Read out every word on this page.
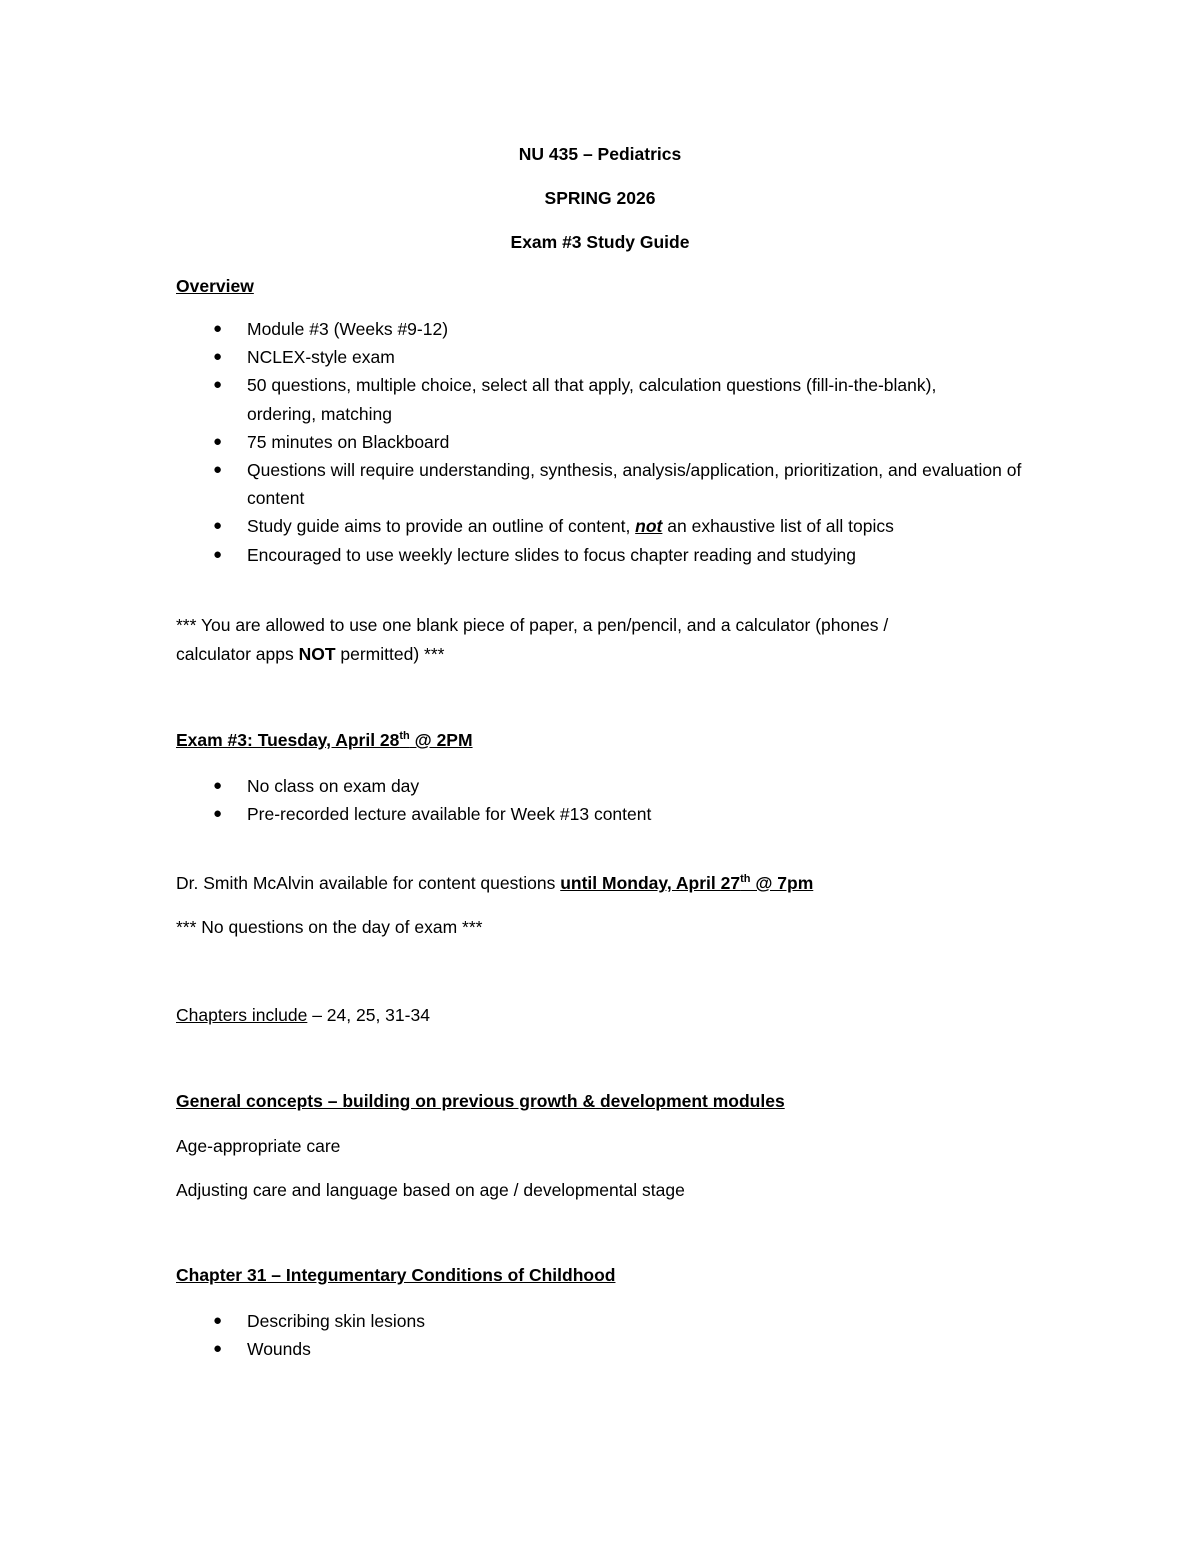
NU 435 – Pediatrics
SPRING 2026
Exam #3 Study Guide
Overview
● Module #3 (Weeks #9-12)
● NCLEX-style exam
● 50 questions, multiple choice, select all that apply, calculation questions (fill-in-the-blank), ordering, matching
● 75 minutes on Blackboard
● Questions will require understanding, synthesis, analysis/application, prioritization, and evaluation of content
● Study guide aims to provide an outline of content, not an exhaustive list of all topics
● Encouraged to use weekly lecture slides to focus chapter reading and studying
*** You are allowed to use one blank piece of paper, a pen/pencil, and a calculator (phones /
calculator apps NOT permitted) ***
Exam #3: Tuesday, April 28th @ 2PM
● No class on exam day
● Pre-recorded lecture available for Week #13 content
Dr. Smith McAlvin available for content questions until Monday, April 27th @ 7pm
*** No questions on the day of exam ***
Chapters include – 24, 25, 31-34
General concepts – building on previous growth & development modules
Age-appropriate care
Adjusting care and language based on age / developmental stage
Chapter 31 – Integumentary Conditions of Childhood
● Describing skin lesions
● Wounds
